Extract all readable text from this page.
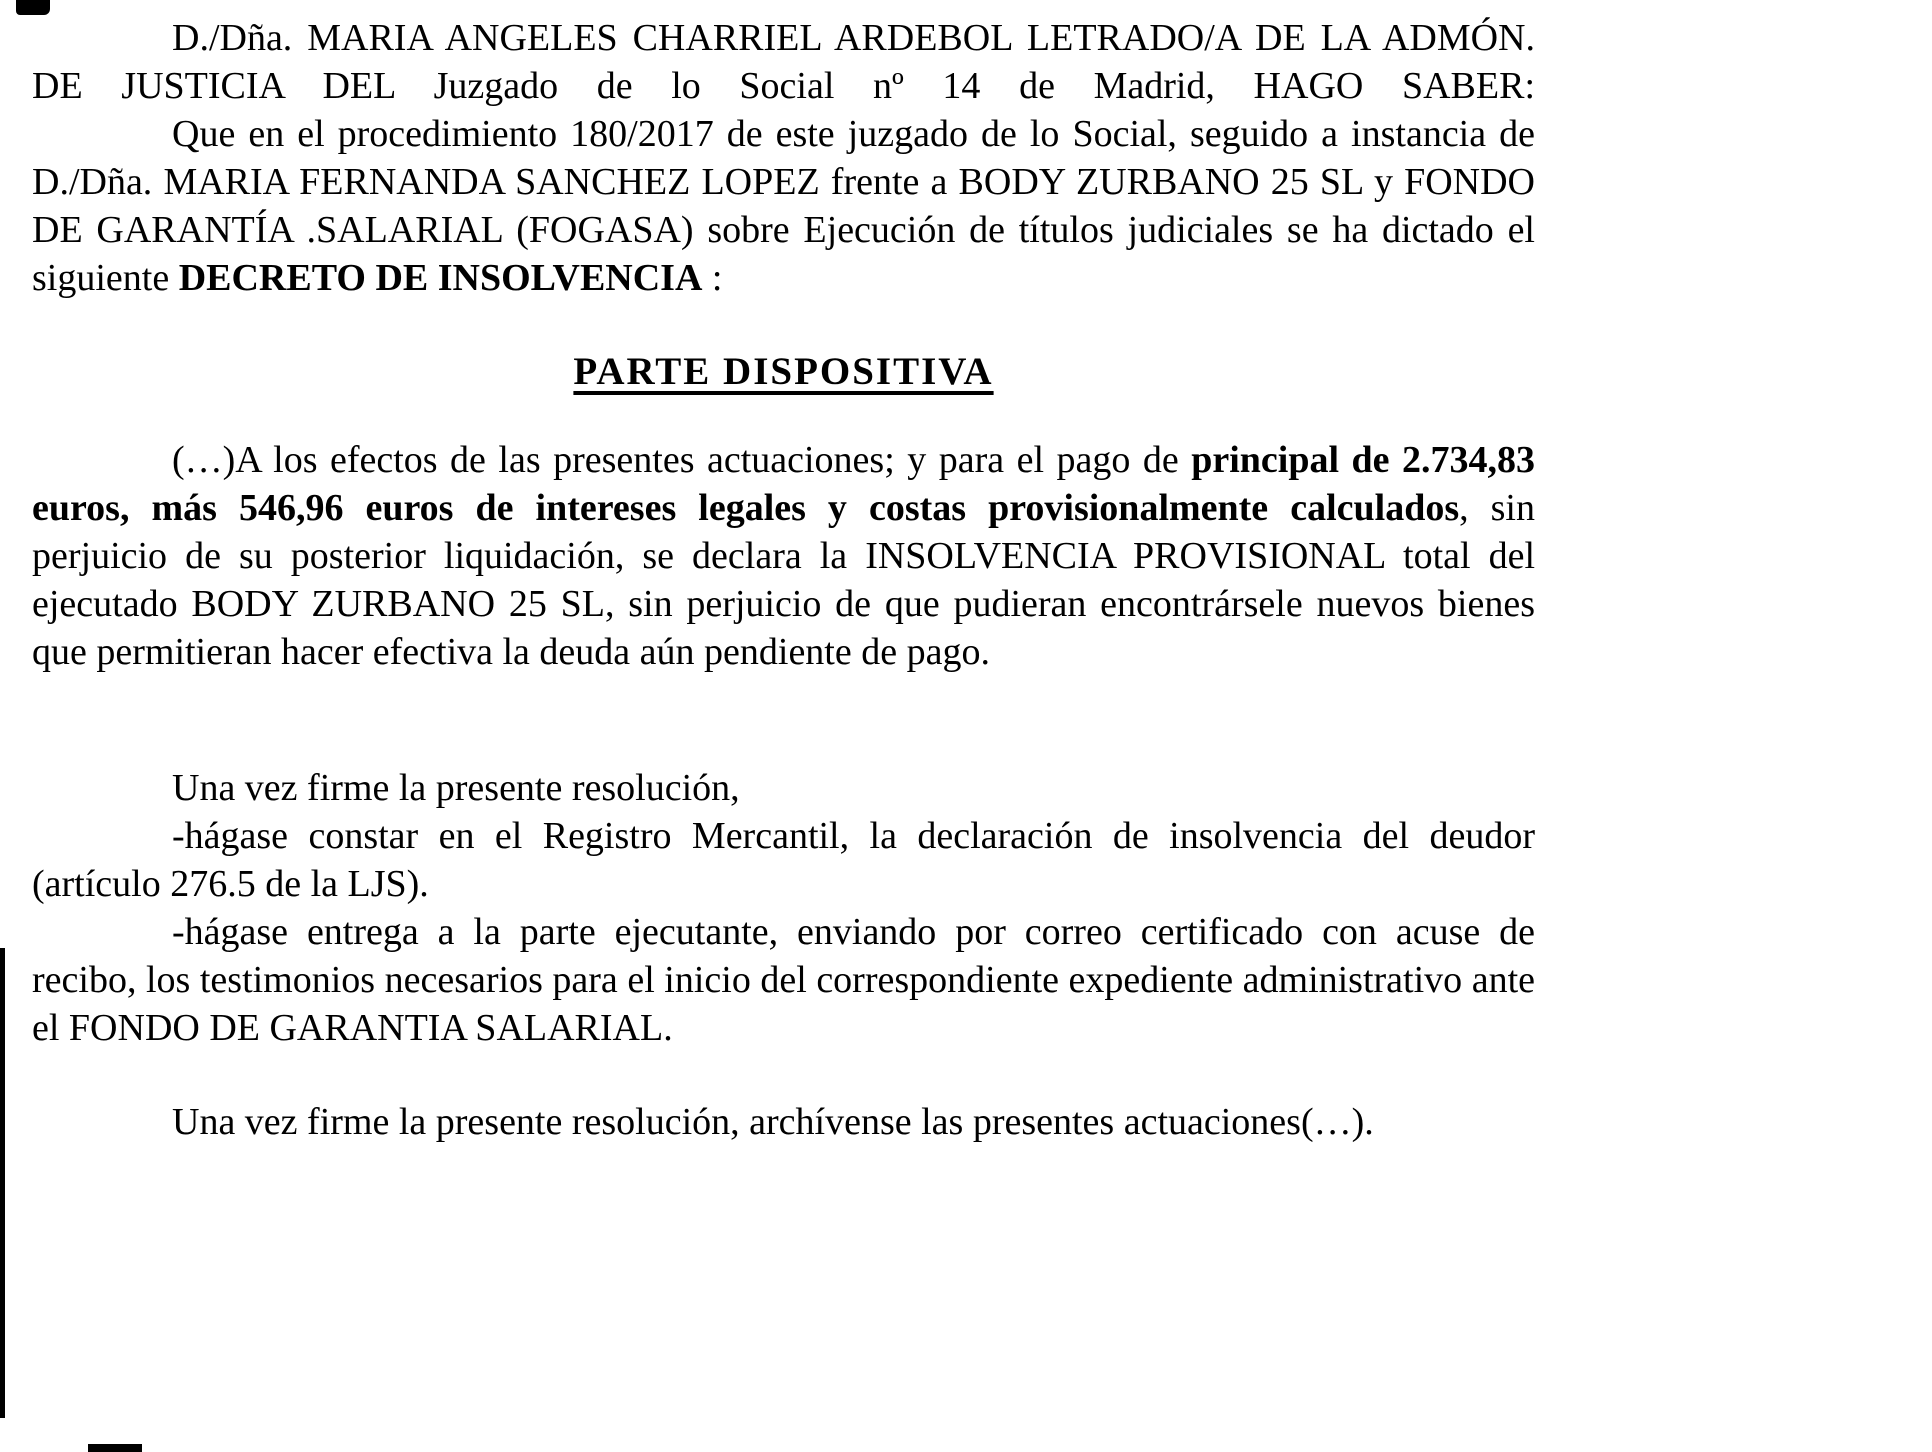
D./Dña. MARIA ANGELES CHARRIEL ARDEBOL LETRADO/A DE LA ADMÓN. DE JUSTICIA DEL Juzgado de lo Social nº 14 de Madrid, HAGO SABER:

Que en el procedimiento 180/2017 de este juzgado de lo Social, seguido a instancia de D./Dña. MARIA FERNANDA SANCHEZ LOPEZ frente a BODY ZURBANO 25 SL y FONDO DE GARANTÍA .SALARIAL (FOGASA) sobre Ejecución de títulos judiciales se ha dictado el siguiente DECRETO DE INSOLVENCIA :

PARTE DISPOSITIVA

(…)A los efectos de las presentes actuaciones; y para el pago de principal de 2.734,83 euros, más 546,96 euros de intereses legales y costas provisionalmente calculados, sin perjuicio de su posterior liquidación, se declara la INSOLVENCIA PROVISIONAL total del ejecutado BODY ZURBANO 25 SL, sin perjuicio de que pudieran encontrársele nuevos bienes que permitieran hacer efectiva la deuda aún pendiente de pago.

Una vez firme la presente resolución,

-hágase constar en el Registro Mercantil, la declaración de insolvencia del deudor (artículo 276.5 de la LJS).

-hágase entrega a la parte ejecutante, enviando por correo certificado con acuse de recibo, los testimonios necesarios para el inicio del correspondiente expediente administrativo ante el FONDO DE GARANTIA SALARIAL.

Una vez firme la presente resolución, archívense las presentes actuaciones(…).
